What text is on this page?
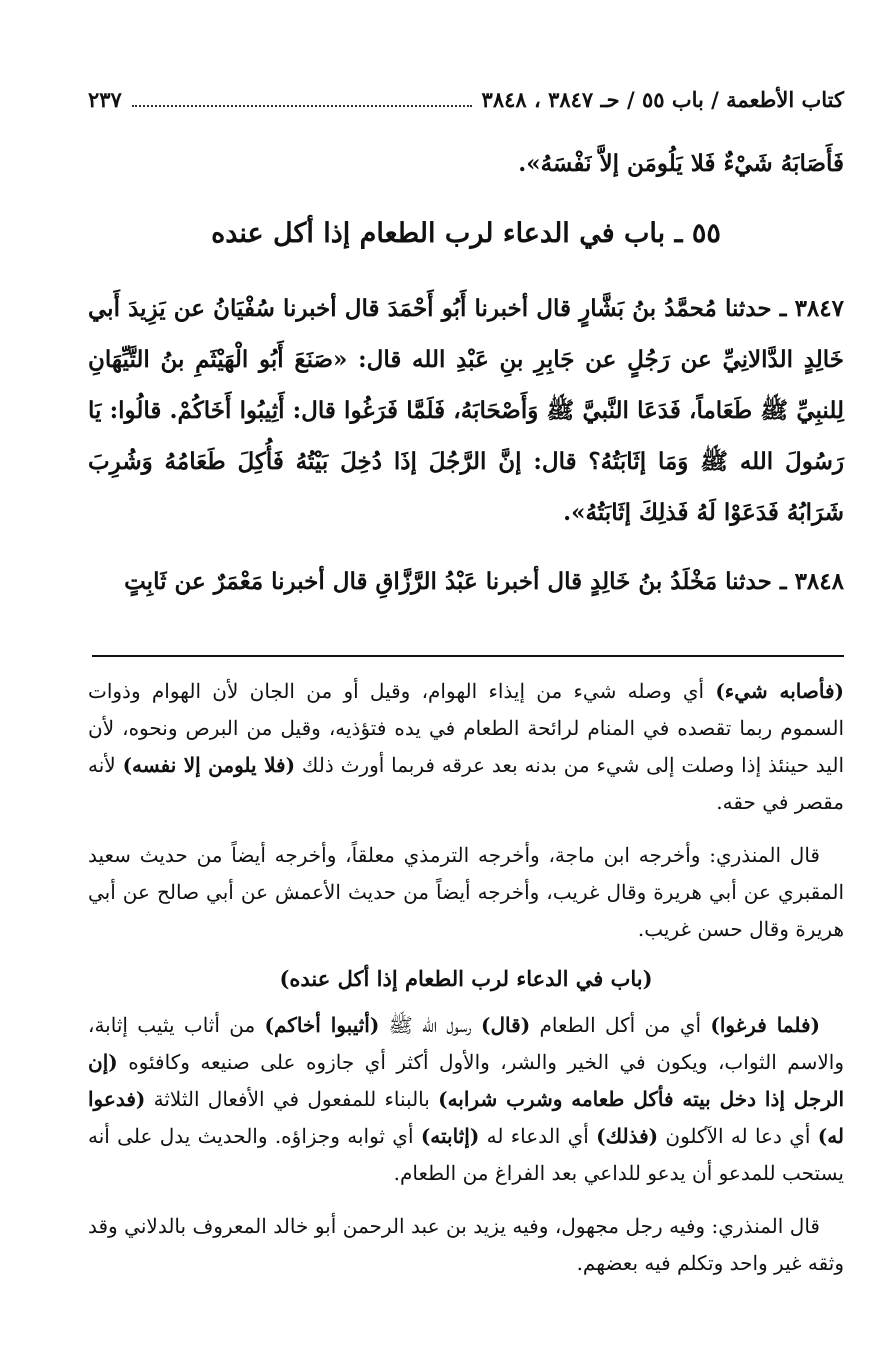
كتاب الأطعمة / باب ٥٥ / حـ ٣٨٤٧ ، ٣٨٤٨
٢٣٧

فَأَصَابَهُ شَيْءٌ فَلا يَلُومَن إلاَّ نَفْسَهُ».

٥٥ ـ باب في الدعاء لرب الطعام إذا أكل عنده

٣٨٤٧ ـ حدثنا مُحمَّدُ بنُ بَشَّارٍ قال أخبرنا أَبُو أَحْمَدَ قال أخبرنا سُفْيَانُ عن يَزِيدَ أَبي خَالِدٍ الدَّالانِيِّ عن رَجُلٍ عن جَابِرِ بنِ عَبْدِ الله قال: «صَنَعَ أَبُو الْهَيْثَمِ بنُ التَّيِّهَانِ لِلنبِيِّ ﷺ طَعَاماً، فَدَعَا النَّبيَّ ﷺ وَأَصْحَابَهُ، فَلَمَّا فَرَغُوا قال: أَثِيبُوا أَخَاكُمْ. قالُوا: يَا رَسُولَ الله ﷺ وَمَا إثَابَتُهُ؟ قال: إنَّ الرَّجُلَ إذَا دُخِلَ بَيْتُهُ فَأُكِلَ طَعَامُهُ وَشُرِبَ شَرَابُهُ فَدَعَوْا لَهُ فَذلِكَ إثَابَتُهُ».

٣٨٤٨ ـ حدثنا مَخْلَدُ بنُ خَالِدٍ قال أخبرنا عَبْدُ الرَّزَّاقِ قال أخبرنا مَعْمَرٌ عن ثَابِتٍ

(فأصابه شيء) أي وصله شيء من إيذاء الهوام، وقيل أو من الجان لأن الهوام وذوات السموم ربما تقصده في المنام لرائحة الطعام في يده فتؤذيه، وقيل من البرص ونحوه، لأن اليد حينئذ إذا وصلت إلى شيء من بدنه بعد عرقه فربما أورث ذلك (فلا يلومن إلا نفسه) لأنه مقصر في حقه.

قال المنذري: وأخرجه ابن ماجة، وأخرجه الترمذي معلقاً، وأخرجه أيضاً من حديث سعيد المقبري عن أبي هريرة وقال غريب، وأخرجه أيضاً من حديث الأعمش عن أبي صالح عن أبي هريرة وقال حسن غريب.

(باب في الدعاء لرب الطعام إذا أكل عنده)

(فلما فرغوا) أي من أكل الطعام (قال) رسول الله ﷺ (أثيبوا أخاكم) من أثاب يثيب إثابة، والاسم الثواب، ويكون في الخير والشر، والأول أكثر أي جازوه على صنيعه وكافئوه (إن الرجل إذا دخل بيته فأكل طعامه وشرب شرابه) بالبناء للمفعول في الأفعال الثلاثة (فدعوا له) أي دعا له الآكلون (فذلك) أي الدعاء له (إثابته) أي ثوابه وجزاؤه. والحديث يدل على أنه يستحب للمدعو أن يدعو للداعي بعد الفراغ من الطعام.

قال المنذري: وفيه رجل مجهول، وفيه يزيد بن عبد الرحمن أبو خالد المعروف بالدلاني وقد وثقه غير واحد وتكلم فيه بعضهم.
